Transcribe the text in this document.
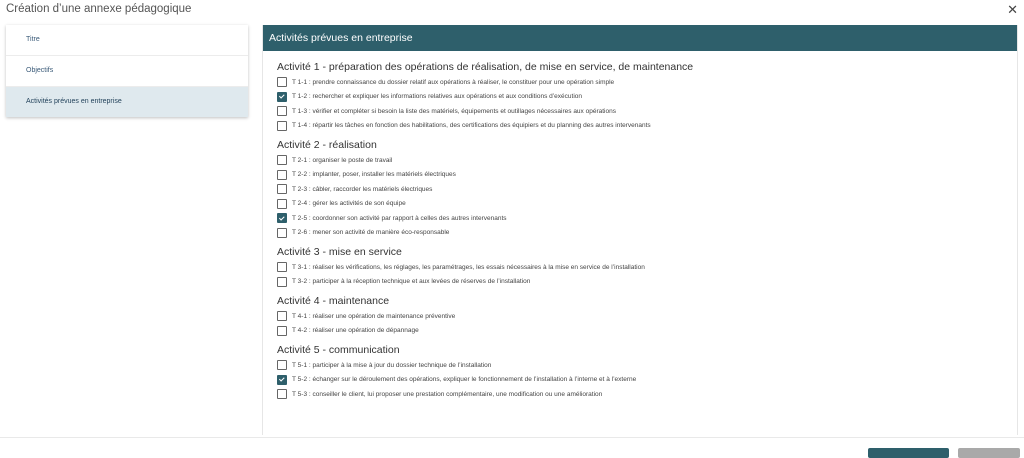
Création d’une annexe pédagogique	✕
Titre
Objectifs
Activités prévues en entreprise
Activités prévues en entreprise
Activité 1 - préparation des opérations de réalisation, de mise en service, de maintenance
T 1-1 : prendre connaissance du dossier relatif aux opérations à réaliser, le constituer pour une opération simple
T 1-2 : rechercher et expliquer les informations relatives aux opérations et aux conditions d’exécution
T 1-3 : vérifier et compléter si besoin la liste des matériels, équipements et outillages nécessaires aux opérations
T 1-4 : répartir les tâches en fonction des habilitations, des certifications des équipiers et du planning des autres intervenants
Activité 2 - réalisation
T 2-1 : organiser le poste de travail
T 2-2 : implanter, poser, installer les matériels électriques
T 2-3 : câbler, raccorder les matériels électriques
T 2-4 : gérer les activités de son équipe
T 2-5 : coordonner son activité par rapport à celles des autres intervenants
T 2-6 : mener son activité de manière éco-responsable
Activité 3 - mise en service
T 3-1 : réaliser les vérifications, les réglages, les paramétrages, les essais nécessaires à la mise en service de l’installation
T 3-2 : participer à la réception technique et aux levées de réserves de l’installation
Activité 4 - maintenance
T 4-1 : réaliser une opération de maintenance préventive
T 4-2 : réaliser une opération de dépannage
Activité 5 - communication
T 5-1 : participer à la mise à jour du dossier technique de l’installation
T 5-2 : échanger sur le déroulement des opérations, expliquer le fonctionnement de l’installation à l’interne et à l’externe
T 5-3 : conseiller le client, lui proposer une prestation complémentaire, une modification ou une amélioration
